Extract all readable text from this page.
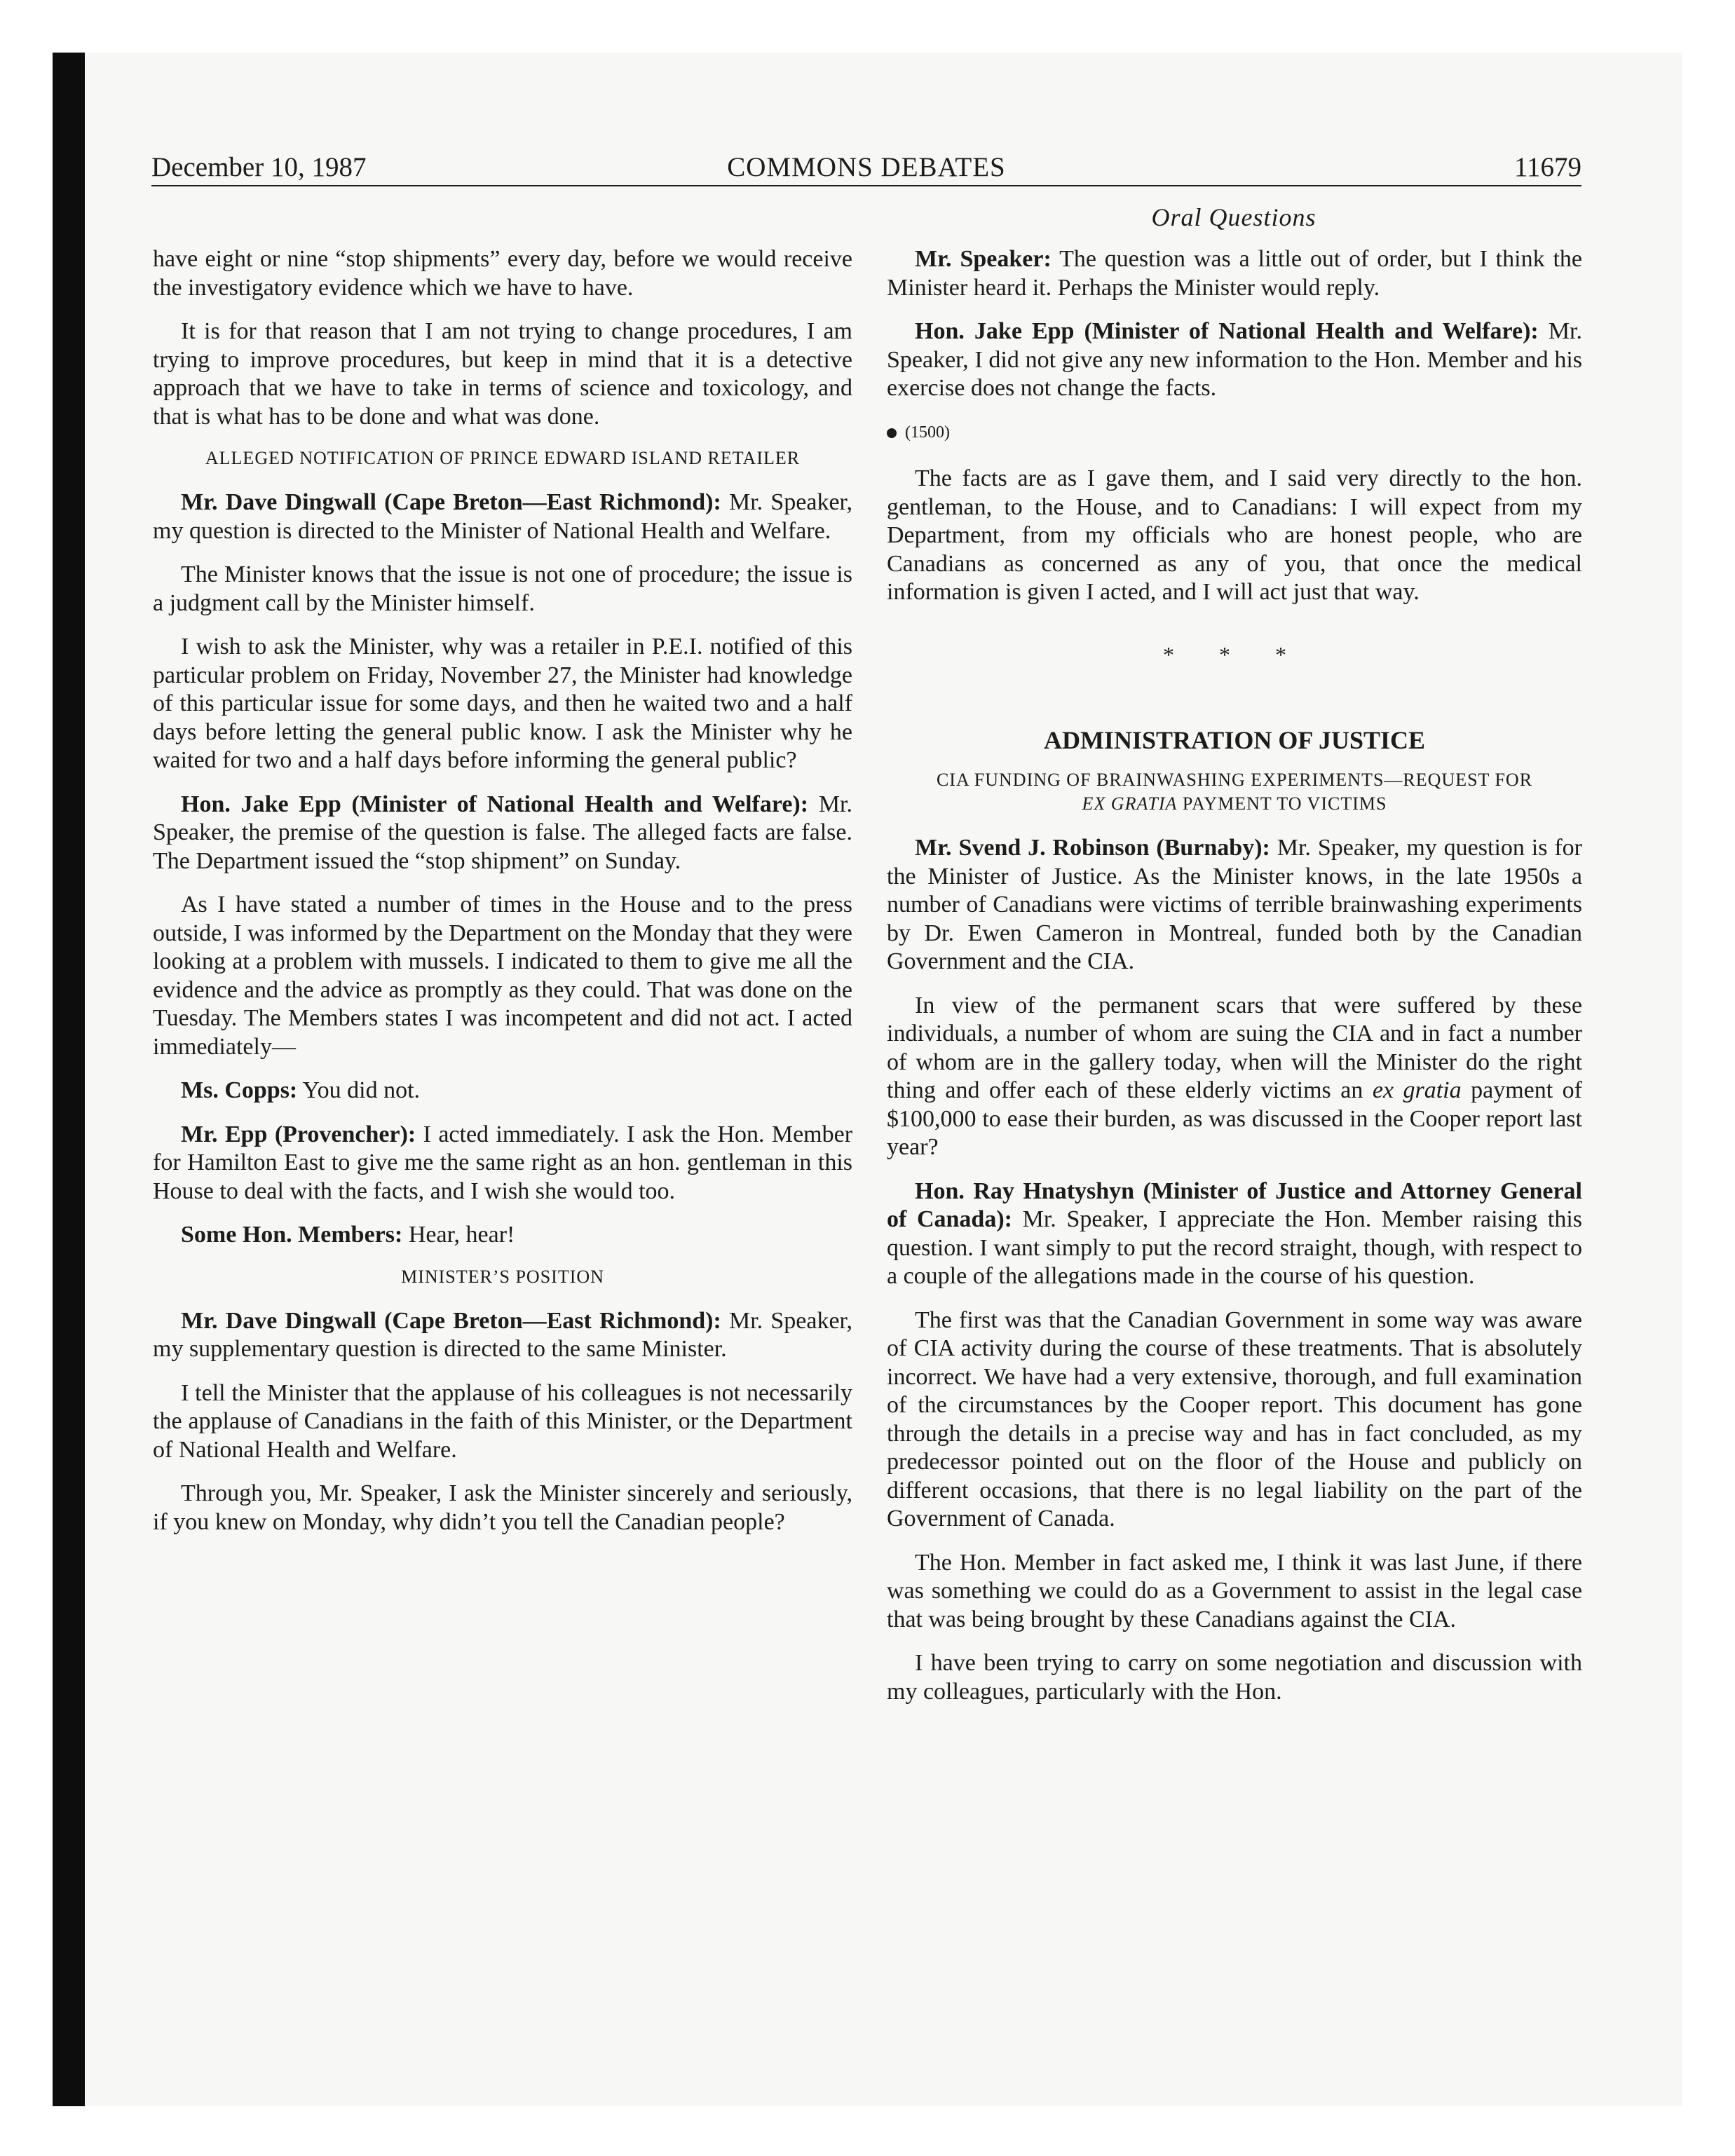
December 10, 1987	COMMONS DEBATES	11679
Oral Questions

have eight or nine “stop shipments” every day, before we would receive the investigatory evidence which we have to have.

It is for that reason that I am not trying to change procedures, I am trying to improve procedures, but keep in mind that it is a detective approach that we have to take in terms of science and toxicology, and that is what has to be done and what was done.

ALLEGED NOTIFICATION OF PRINCE EDWARD ISLAND RETAILER

Mr. Dave Dingwall (Cape Breton—East Richmond): Mr. Speaker, my question is directed to the Minister of National Health and Welfare.

The Minister knows that the issue is not one of procedure; the issue is a judgment call by the Minister himself.

I wish to ask the Minister, why was a retailer in P.E.I. notified of this particular problem on Friday, November 27, the Minister had knowledge of this particular issue for some days, and then he waited two and a half days before letting the general public know. I ask the Minister why he waited for two and a half days before informing the general public?

Hon. Jake Epp (Minister of National Health and Welfare): Mr. Speaker, the premise of the question is false. The alleged facts are false. The Department issued the “stop shipment” on Sunday.

As I have stated a number of times in the House and to the press outside, I was informed by the Department on the Monday that they were looking at a problem with mussels. I indicated to them to give me all the evidence and the advice as promptly as they could. That was done on the Tuesday. The Members states I was incompetent and did not act. I acted immediately—

Ms. Copps: You did not.

Mr. Epp (Provencher): I acted immediately. I ask the Hon. Member for Hamilton East to give me the same right as an hon. gentleman in this House to deal with the facts, and I wish she would too.

Some Hon. Members: Hear, hear!

MINISTER’S POSITION

Mr. Dave Dingwall (Cape Breton—East Richmond): Mr. Speaker, my supplementary question is directed to the same Minister.

I tell the Minister that the applause of his colleagues is not necessarily the applause of Canadians in the faith of this Minister, or the Department of National Health and Welfare.

Through you, Mr. Speaker, I ask the Minister sincerely and seriously, if you knew on Monday, why didn’t you tell the Canadian people?

Mr. Speaker: The question was a little out of order, but I think the Minister heard it. Perhaps the Minister would reply.

Hon. Jake Epp (Minister of National Health and Welfare): Mr. Speaker, I did not give any new information to the Hon. Member and his exercise does not change the facts.

(1500)

The facts are as I gave them, and I said very directly to the hon. gentleman, to the House, and to Canadians: I will expect from my Department, from my officials who are honest people, who are Canadians as concerned as any of you, that once the medical information is given I acted, and I will act just that way.

* * *
ADMINISTRATION OF JUSTICE
CIA FUNDING OF BRAINWASHING EXPERIMENTS—REQUEST FOR
EX GRATIA PAYMENT TO VICTIMS

Mr. Svend J. Robinson (Burnaby): Mr. Speaker, my question is for the Minister of Justice. As the Minister knows, in the late 1950s a number of Canadians were victims of terrible brainwashing experiments by Dr. Ewen Cameron in Montreal, funded both by the Canadian Government and the CIA.

In view of the permanent scars that were suffered by these individuals, a number of whom are suing the CIA and in fact a number of whom are in the gallery today, when will the Minister do the right thing and offer each of these elderly victims an ex gratia payment of $100,000 to ease their burden, as was discussed in the Cooper report last year?

Hon. Ray Hnatyshyn (Minister of Justice and Attorney General of Canada): Mr. Speaker, I appreciate the Hon. Member raising this question. I want simply to put the record straight, though, with respect to a couple of the allegations made in the course of his question.

The first was that the Canadian Government in some way was aware of CIA activity during the course of these treatments. That is absolutely incorrect. We have had a very extensive, thorough, and full examination of the circumstances by the Cooper report. This document has gone through the details in a precise way and has in fact concluded, as my predecessor pointed out on the floor of the House and publicly on different occasions, that there is no legal liability on the part of the Government of Canada.

The Hon. Member in fact asked me, I think it was last June, if there was something we could do as a Government to assist in the legal case that was being brought by these Canadians against the CIA.

I have been trying to carry on some negotiation and discussion with my colleagues, particularly with the Hon.
